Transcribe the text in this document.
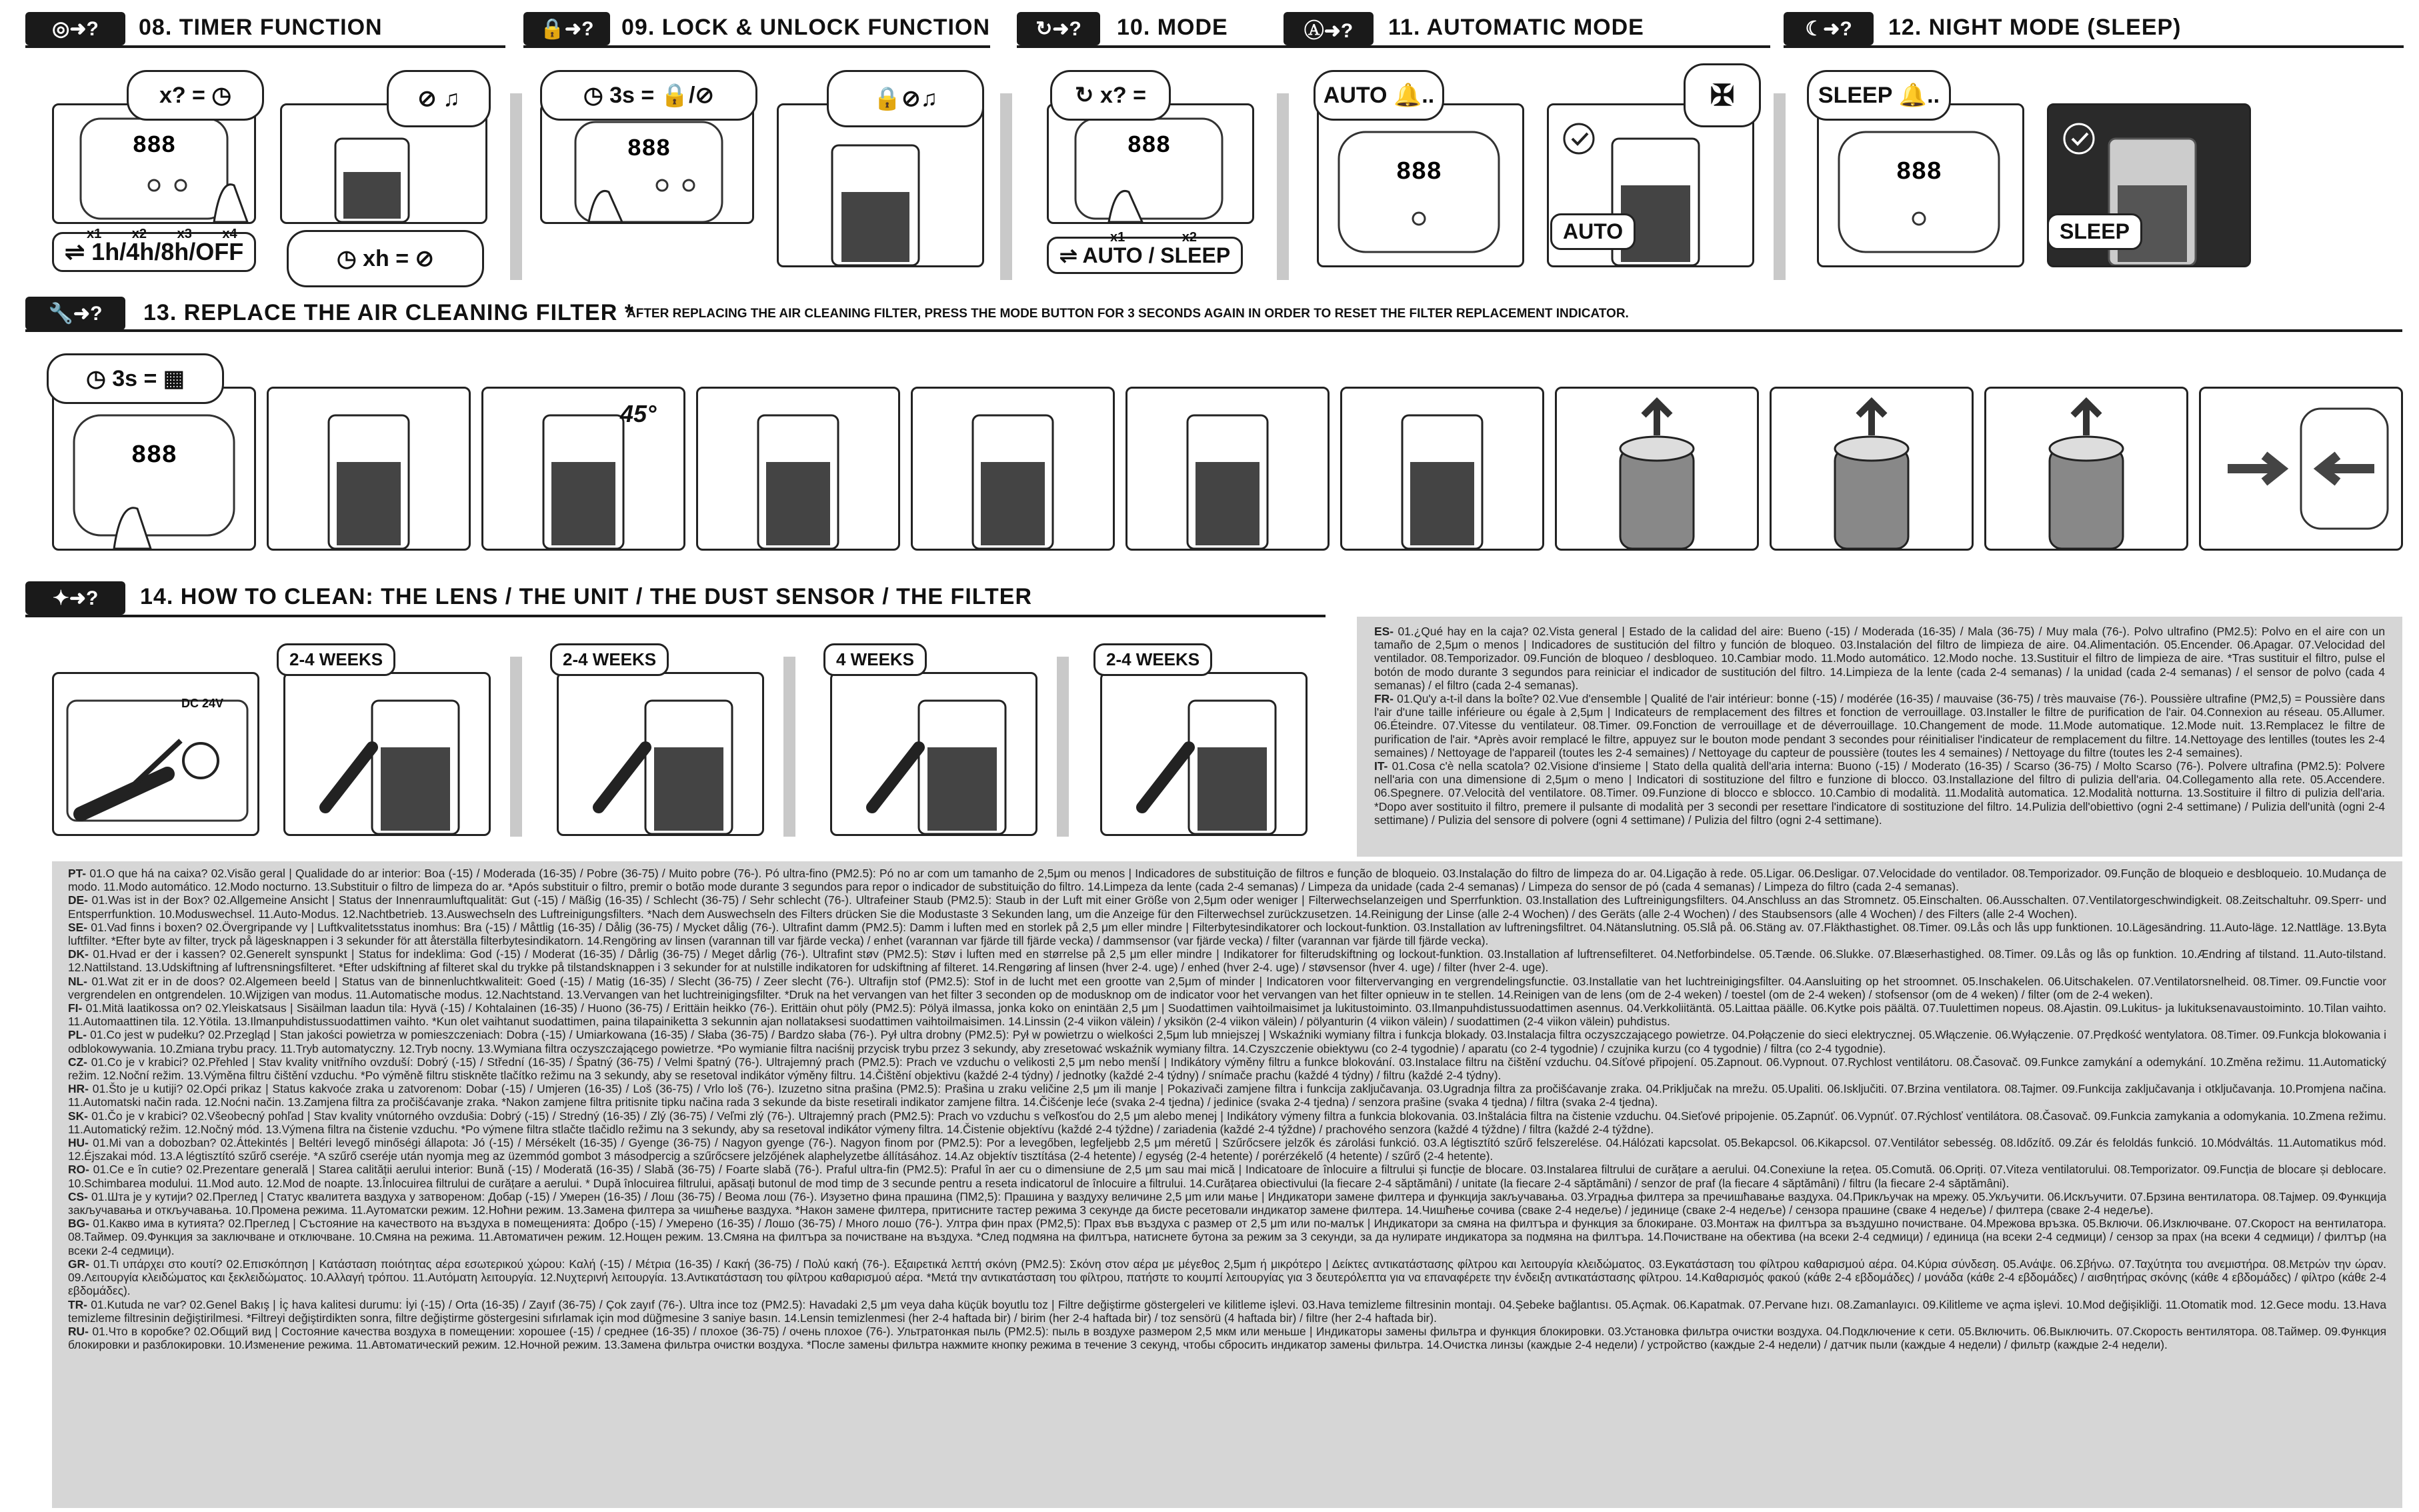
◎➜?	08. TIMER FUNCTION	🔒➜?	09. LOCK & UNLOCK FUNCTION	↻➜?	10. MODE	Ⓐ➜?	11. AUTOMATIC MODE	☾➜?	12. NIGHT MODE (SLEEP)
888
x? =
◷
⇌ 1h/4h/8h/OFF
x1 x2 x3 x4
⊘ ♫
◷ xh = ⊘
888
◷ 3s = 🔒/⊘	🔒⊘♫
888
↻ x? =
⇌ AUTO / SLEEP
x1 x2
888
AUTO 🔔..	✠
AUTO
888
SLEEP 🔔..
SLEEP
🔧➜?	13. REPLACE THE AIR CLEANING FILTER *
AFTER REPLACING THE AIR CLEANING FILTER, PRESS THE MODE BUTTON FOR 3 SECONDS AGAIN IN ORDER TO RESET THE FILTER REPLACEMENT INDICATOR.
888
◷ 3s = ▦
45°
✦➜?	14. HOW TO CLEAN: THE LENS / THE UNIT / THE DUST SENSOR / THE FILTER
DC 24V
2-4 WEEKS	2-4 WEEKS	4 WEEKS	2-4 WEEKS

ES- 01.¿Qué hay en la caja? 02.Vista general | Estado de la calidad del aire: Bueno (-15) / Moderada (16-35) / Mala (36-75) / Muy mala (76-). Polvo ultrafino (PM2.5): Polvo en el aire con un tamaño de 2,5μm o menos | Indicadores de sustitución del filtro y función de bloqueo. 03.Instalación del filtro de limpieza de aire. 04.Alimentación. 05.Encender. 06.Apagar. 07.Velocidad del ventilador. 08.Temporizador. 09.Función de bloqueo / desbloqueo. 10.Cambiar modo. 11.Modo automático. 12.Modo noche. 13.Sustituir el filtro de limpieza de aire. *Tras sustituir el filtro, pulse el botón de modo durante 3 segundos para reiniciar el indicador de sustitución del filtro. 14.Limpieza de la lente (cada 2-4 semanas) / la unidad (cada 2-4 semanas) / el sensor de polvo (cada 4 semanas) / el filtro (cada 2-4 semanas).

FR- 01.Qu'y a-t-il dans la boîte? 02.Vue d'ensemble | Qualité de l'air intérieur: bonne (-15) / modérée (16-35) / mauvaise (36-75) / très mauvaise (76-). Poussière ultrafine (PM2,5) = Poussière dans l'air d'une taille inférieure ou égale à 2,5μm | Indicateurs de remplacement des filtres et fonction de verrouillage. 03.Installer le filtre de purification de l'air. 04.Connexion au réseau. 05.Allumer. 06.Éteindre. 07.Vitesse du ventilateur. 08.Timer. 09.Fonction de verrouillage et de déverrouillage. 10.Changement de mode. 11.Mode automatique. 12.Mode nuit. 13.Remplacez le filtre de purification de l'air. *Après avoir remplacé le filtre, appuyez sur le bouton mode pendant 3 secondes pour réinitialiser l'indicateur de remplacement du filtre. 14.Nettoyage des lentilles (toutes les 2-4 semaines) / Nettoyage de l'appareil (toutes les 2-4 semaines) / Nettoyage du capteur de poussière (toutes les 4 semaines) / Nettoyage du filtre (toutes les 2-4 semaines).

IT- 01.Cosa c'è nella scatola? 02.Visione d'insieme | Stato della qualità dell'aria interna: Buono (-15) / Moderato (16-35) / Scarso (36-75) / Molto Scarso (76-). Polvere ultrafina (PM2.5): Polvere nell'aria con una dimensione di 2,5μm o meno | Indicatori di sostituzione del filtro e funzione di blocco. 03.Installazione del filtro di pulizia dell'aria. 04.Collegamento alla rete. 05.Accendere. 06.Spegnere. 07.Velocità del ventilatore. 08.Timer. 09.Funzione di blocco e sblocco. 10.Cambio di modalità. 11.Modalità automatica. 12.Modalità notturna. 13.Sostituire il filtro di pulizia dell'aria. *Dopo aver sostituito il filtro, premere il pulsante di modalità per 3 secondi per resettare l'indicatore di sostituzione del filtro. 14.Pulizia dell'obiettivo (ogni 2-4 settimane) / Pulizia dell'unità (ogni 2-4 settimane) / Pulizia del sensore di polvere (ogni 4 settimane) / Pulizia del filtro (ogni 2-4 settimane).

PT- 01.O que há na caixa? 02.Visão geral | Qualidade do ar interior: Boa (-15) / Moderada (16-35) / Pobre (36-75) / Muito pobre (76-). Pó ultra-fino (PM2.5): Pó no ar com um tamanho de 2,5μm ou menos | Indicadores de substituição de filtros e função de bloqueio. 03.Instalação do filtro de limpeza do ar. 04.Ligação à rede. 05.Ligar. 06.Desligar. 07.Velocidade do ventilador. 08.Temporizador. 09.Função de bloqueio e desbloqueio. 10.Mudança de modo. 11.Modo automático. 12.Modo nocturno. 13.Substituir o filtro de limpeza do ar. *Após substituir o filtro, premir o botão mode durante 3 segundos para repor o indicador de substituição do filtro. 14.Limpeza da lente (cada 2-4 semanas) / Limpeza da unidade (cada 2-4 semanas) / Limpeza do sensor de pó (cada 4 semanas) / Limpeza do filtro (cada 2-4 semanas).

DE- 01.Was ist in der Box? 02.Allgemeine Ansicht | Status der Innenraumluftqualität: Gut (-15) / Mäßig (16-35) / Schlecht (36-75) / Sehr schlecht (76-). Ultrafeiner Staub (PM2.5): Staub in der Luft mit einer Größe von 2,5μm oder weniger | Filterwechselanzeigen und Sperrfunktion. 03.Installation des Luftreinigungsfilters. 04.Anschluss an das Stromnetz. 05.Einschalten. 06.Ausschalten. 07.Ventilatorgeschwindigkeit. 08.Zeitschaltuhr. 09.Sperr- und Entsperrfunktion. 10.Moduswechsel. 11.Auto-Modus. 12.Nachtbetrieb. 13.Auswechseln des Luftreinigungsfilters. *Nach dem Auswechseln des Filters drücken Sie die Modustaste 3 Sekunden lang, um die Anzeige für den Filterwechsel zurückzusetzen. 14.Reinigung der Linse (alle 2-4 Wochen) / des Geräts (alle 2-4 Wochen) / des Staubsensors (alle 4 Wochen) / des Filters (alle 2-4 Wochen).

SE- 01.Vad finns i boxen? 02.Övergripande vy | Luftkvalitetsstatus inomhus: Bra (-15) / Måttlig (16-35) / Dålig (36-75) / Mycket dålig (76-). Ultrafint damm (PM2.5): Damm i luften med en storlek på 2,5 μm eller mindre | Filterbytesindikatorer och lockout-funktion. 03.Installation av luftreningsfiltret. 04.Nätanslutning. 05.Slå på. 06.Stäng av. 07.Fläkthastighet. 08.Timer. 09.Lås och lås upp funktionen. 10.Lägesändring. 11.Auto-läge. 12.Nattläge. 13.Byta luftfilter. *Efter byte av filter, tryck på lägesknappen i 3 sekunder för att återställa filterbytesindikatorn. 14.Rengöring av linsen (varannan till var fjärde vecka) / enhet (varannan var fjärde till fjärde vecka) / dammsensor (var fjärde vecka) / filter (varannan var fjärde till fjärde vecka).

DK- 01.Hvad er der i kassen? 02.Generelt synspunkt | Status for indeklima: God (-15) / Moderat (16-35) / Dårlig (36-75) / Meget dårlig (76-). Ultrafint støv (PM2.5): Støv i luften med en størrelse på 2,5 μm eller mindre | Indikatorer for filterudskiftning og lockout-funktion. 03.Installation af luftrensefilteret. 04.Netforbindelse. 05.Tænde. 06.Slukke. 07.Blæserhastighed. 08.Timer. 09.Lås og lås op funktion. 10.Ændring af tilstand. 11.Auto-tilstand. 12.Nattilstand. 13.Udskiftning af luftrensningsfilteret. *Efter udskiftning af filteret skal du trykke på tilstandsknappen i 3 sekunder for at nulstille indikatoren for udskiftning af filteret. 14.Rengøring af linsen (hver 2-4. uge) / enhed (hver 2-4. uge) / støvsensor (hver 4. uge) / filter (hver 2-4. uge).

NL- 01.Wat zit er in de doos? 02.Algemeen beeld | Status van de binnenluchtkwaliteit: Goed (-15) / Matig (16-35) / Slecht (36-75) / Zeer slecht (76-). Ultrafijn stof (PM2.5): Stof in de lucht met een grootte van 2,5μm of minder | Indicatoren voor filtervervanging en vergrendelingsfunctie. 03.Installatie van het luchtreinigingsfilter. 04.Aansluiting op het stroomnet. 05.Inschakelen. 06.Uitschakelen. 07.Ventilatorsnelheid. 08.Timer. 09.Functie voor vergrendelen en ontgrendelen. 10.Wijzigen van modus. 11.Automatische modus. 12.Nachtstand. 13.Vervangen van het luchtreinigingsfilter. *Druk na het vervangen van het filter 3 seconden op de modusknop om de indicator voor het vervangen van het filter opnieuw in te stellen. 14.Reinigen van de lens (om de 2-4 weken) / toestel (om de 2-4 weken) / stofsensor (om de 4 weken) / filter (om de 2-4 weken).

FI- 01.Mitä laatikossa on? 02.Yleiskatsaus | Sisäilman laadun tila: Hyvä (-15) / Kohtalainen (16-35) / Huono (36-75) / Erittäin heikko (76-). Erittäin ohut pöly (PM2.5): Pölyä ilmassa, jonka koko on enintään 2,5 μm | Suodattimen vaihtoilmaisimet ja lukitustoiminto. 03.Ilmanpuhdistussuodattimen asennus. 04.Verkkoliitäntä. 05.Laittaa päälle. 06.Kytke pois päältä. 07.Tuulettimen nopeus. 08.Ajastin. 09.Lukitus- ja lukituksenavaustoiminto. 10.Tilan vaihto. 11.Automaattinen tila. 12.Yötila. 13.Ilmanpuhdistussuodattimen vaihto. *Kun olet vaihtanut suodattimen, paina tilapainiketta 3 sekunnin ajan nollataksesi suodattimen vaihtoilmaisimen. 14.Linssin (2-4 viikon välein) / yksikön (2-4 viikon välein) / pölyanturin (4 viikon välein) / suodattimen (2-4 viikon välein) puhdistus.

PL- 01.Co jest w pudełku? 02.Przegląd | Stan jakości powietrza w pomieszczeniach: Dobra (-15) / Umiarkowana (16-35) / Słaba (36-75) / Bardzo słaba (76-). Pył ultra drobny (PM2.5): Pył w powietrzu o wielkości 2,5μm lub mniejszej | Wskaźniki wymiany filtra i funkcja blokady. 03.Instalacja filtra oczyszczającego powietrze. 04.Połączenie do sieci elektrycznej. 05.Włączenie. 06.Wyłączenie. 07.Prędkość wentylatora. 08.Timer. 09.Funkcja blokowania i odblokowywania. 10.Zmiana trybu pracy. 11.Tryb automatyczny. 12.Tryb nocny. 13.Wymiana filtra oczyszczającego powietrze. *Po wymianie filtra naciśnij przycisk trybu przez 3 sekundy, aby zresetować wskaźnik wymiany filtra. 14.Czyszczenie obiektywu (co 2-4 tygodnie) / aparatu (co 2-4 tygodnie) / czujnika kurzu (co 4 tygodnie) / filtra (co 2-4 tygodnie).

CZ- 01.Co je v krabici? 02.Přehled | Stav kvality vnitřního ovzduší: Dobrý (-15) / Střední (16-35) / Špatný (36-75) / Velmi špatný (76-). Ultrajemný prach (PM2.5): Prach ve vzduchu o velikosti 2,5 μm nebo menší | Indikátory výměny filtru a funkce blokování. 03.Instalace filtru na čištění vzduchu. 04.Síťové připojení. 05.Zapnout. 06.Vypnout. 07.Rychlost ventilátoru. 08.Časovač. 09.Funkce zamykání a odemykání. 10.Změna režimu. 11.Automatický režim. 12.Noční režim. 13.Výměna filtru čištění vzduchu. *Po výměně filtru stiskněte tlačítko režimu na 3 sekundy, aby se resetoval indikátor výměny filtru. 14.Čištění objektivu (každé 2-4 týdny) / jednotky (každé 2-4 týdny) / snímače prachu (každé 4 týdny) / filtru (každé 2-4 týdny).

HR- 01.Što je u kutiji? 02.Opći prikaz | Status kakvoće zraka u zatvorenom: Dobar (-15) / Umjeren (16-35) / Loš (36-75) / Vrlo loš (76-). Izuzetno sitna prašina (PM2.5): Prašina u zraku veličine 2,5 μm ili manje | Pokazivači zamjene filtra i funkcija zaključavanja. 03.Ugradnja filtra za pročišćavanje zraka. 04.Priključak na mrežu. 05.Upaliti. 06.Isključiti. 07.Brzina ventilatora. 08.Tajmer. 09.Funkcija zaključavanja i otključavanja. 10.Promjena načina. 11.Automatski način rada. 12.Noćni način. 13.Zamjena filtra za pročišćavanje zraka. *Nakon zamjene filtra pritisnite tipku načina rada 3 sekunde da biste resetirali indikator zamjene filtra. 14.Čišćenje leće (svaka 2-4 tjedna) / jedinice (svaka 2-4 tjedna) / senzora prašine (svaka 4 tjedna) / filtra (svaka 2-4 tjedna).

SK- 01.Čo je v krabici? 02.Všeobecný pohľad | Stav kvality vnútorného ovzdušia: Dobrý (-15) / Stredný (16-35) / Zlý (36-75) / Veľmi zlý (76-). Ultrajemný prach (PM2.5): Prach vo vzduchu s veľkosťou do 2,5 μm alebo menej | Indikátory výmeny filtra a funkcia blokovania. 03.Inštalácia filtra na čistenie vzduchu. 04.Sieťové pripojenie. 05.Zapnúť. 06.Vypnúť. 07.Rýchlosť ventilátora. 08.Časovač. 09.Funkcia zamykania a odomykania. 10.Zmena režimu. 11.Automatický režim. 12.Nočný mód. 13.Výmena filtra na čistenie vzduchu. *Po výmene filtra stlačte tlačidlo režimu na 3 sekundy, aby sa resetoval indikátor výmeny filtra. 14.Čistenie objektívu (každé 2-4 týždne) / zariadenia (každé 2-4 týždne) / prachového senzora (každé 4 týždne) / filtra (každé 2-4 týždne).

HU- 01.Mi van a dobozban? 02.Áttekintés | Beltéri levegő minőségi állapota: Jó (-15) / Mérsékelt (16-35) / Gyenge (36-75) / Nagyon gyenge (76-). Nagyon finom por (PM2.5): Por a levegőben, legfeljebb 2,5 μm méretű | Szűrőcsere jelzők és zárolási funkció. 03.A légtisztító szűrő felszerelése. 04.Hálózati kapcsolat. 05.Bekapcsol. 06.Kikapcsol. 07.Ventilátor sebesség. 08.Időzítő. 09.Zár és feloldás funkció. 10.Módváltás. 11.Automatikus mód. 12.Éjszakai mód. 13.A légtisztító szűrő cseréje. *A szűrő cseréje után nyomja meg az üzemmód gombot 3 másodpercig a szűrőcsere jelzőjének alaphelyzetbe állításához. 14.Az objektív tisztítása (2-4 hetente) / egység (2-4 hetente) / porérzékelő (4 hetente) / szűrő (2-4 hetente).

RO- 01.Ce e în cutie? 02.Prezentare generală | Starea calității aerului interior: Bună (-15) / Moderată (16-35) / Slabă (36-75) / Foarte slabă (76-). Praful ultra-fin (PM2.5): Praful în aer cu o dimensiune de 2,5 μm sau mai mică | Indicatoare de înlocuire a filtrului și funcție de blocare. 03.Instalarea filtrului de curățare a aerului. 04.Conexiune la rețea. 05.Comută. 06.Opriți. 07.Viteza ventilatorului. 08.Temporizator. 09.Funcția de blocare și deblocare. 10.Schimbarea modului. 11.Mod auto. 12.Mod de noapte. 13.Înlocuirea filtrului de curățare a aerului. * După înlocuirea filtrului, apăsați butonul de mod timp de 3 secunde pentru a reseta indicatorul de înlocuire a filtrului. 14.Curățarea obiectivului (la fiecare 2-4 săptămâni) / unitate (la fiecare 2-4 săptămâni) / senzor de praf (la fiecare 4 săptămâni) / filtru (la fiecare 2-4 săptămâni).

CS- 01.Шта је у кутији? 02.Преглед | Статус квалитета ваздуха у затвореном: Добар (-15) / Умерен (16-35) / Лош (36-75) / Веома лош (76-). Изузетно фина прашина (ПМ2,5): Прашина у ваздуху величине 2,5 μm или мање | Индикатори замене филтера и функција закључавања. 03.Уградња филтера за пречишћавање ваздуха. 04.Прикључак на мрежу. 05.Укључити. 06.Искључити. 07.Брзина вентилатора. 08.Тајмер. 09.Функција закључавања и откључавања. 10.Промена режима. 11.Аутоматски режим. 12.Ноћни режим. 13.Замена филтера за чишћење ваздуха. *Након замене филтера, притисните тастер режима 3 секунде да бисте ресетовали индикатор замене филтера. 14.Чишћење сочива (сваке 2-4 недеље) / јединице (сваке 2-4 недеље) / сензора прашине (сваке 4 недеље) / филтера (сваке 2-4 недеље).

BG- 01.Какво има в кутията? 02.Преглед | Състояние на качеството на въздуха в помещенията: Добро (-15) / Умерено (16-35) / Лошо (36-75) / Много лошо (76-). Ултра фин прах (PM2,5): Прах във въздуха с размер от 2,5 μm или по-малък | Индикатори за смяна на филтъра и функция за блокиране. 03.Монтаж на филтъра за въздушно почистване. 04.Мрежова връзка. 05.Включи. 06.Изключване. 07.Скорост на вентилатора. 08.Таймер. 09.Функция за заключване и отключване. 10.Смяна на режима. 11.Автоматичен режим. 12.Нощен режим. 13.Смяна на филтъра за почистване на въздуха. *След подмяна на филтъра, натиснете бутона за режим за 3 секунди, за да нулирате индикатора за подмяна на филтъра. 14.Почистване на обектива (на всеки 2-4 седмици) / единица (на всеки 2-4 седмици) / сензор за прах (на всеки 4 седмици) / филтър (на всеки 2-4 седмици).

GR- 01.Τι υπάρχει στο κουτί? 02.Επισκόπηση | Κατάσταση ποιότητας αέρα εσωτερικού χώρου: Καλή (-15) / Μέτρια (16-35) / Κακή (36-75) / Πολύ κακή (76-). Εξαιρετικά λεπτή σκόνη (PM2.5): Σκόνη στον αέρα με μέγεθος 2,5μm ή μικρότερο | Δείκτες αντικατάστασης φίλτρου και λειτουργία κλειδώματος. 03.Εγκατάσταση του φίλτρου καθαρισμού αέρα. 04.Κύρια σύνδεση. 05.Ανάψε. 06.Σβήνω. 07.Ταχύτητα του ανεμιστήρα. 08.Μετρών την ώραν. 09.Λειτουργία κλειδώματος και ξεκλειδώματος. 10.Αλλαγή τρόπου. 11.Αυτόματη λειτουργία. 12.Νυχτερινή λειτουργία. 13.Αντικατάσταση του φίλτρου καθαρισμού αέρα. *Μετά την αντικατάσταση του φίλτρου, πατήστε το κουμπί λειτουργίας για 3 δευτερόλεπτα για να επαναφέρετε την ένδειξη αντικατάστασης φίλτρου. 14.Καθαρισμός φακού (κάθε 2-4 εβδομάδες) / μονάδα (κάθε 2-4 εβδομάδες) / αισθητήρας σκόνης (κάθε 4 εβδομάδες) / φίλτρο (κάθε 2-4 εβδομάδες).

TR- 01.Kutuda ne var? 02.Genel Bakış | İç hava kalitesi durumu: İyi (-15) / Orta (16-35) / Zayıf (36-75) / Çok zayıf (76-). Ultra ince toz (PM2.5): Havadaki 2,5 μm veya daha küçük boyutlu toz | Filtre değiştirme göstergeleri ve kilitleme işlevi. 03.Hava temizleme filtresinin montajı. 04.Şebeke bağlantısı. 05.Açmak. 06.Kapatmak. 07.Pervane hızı. 08.Zamanlayıcı. 09.Kilitleme ve açma işlevi. 10.Mod değişikliği. 11.Otomatik mod. 12.Gece modu. 13.Hava temizleme filtresinin değiştirilmesi. *Filtreyi değiştirdikten sonra, filtre değiştirme göstergesini sıfırlamak için mod düğmesine 3 saniye basın. 14.Lensin temizlenmesi (her 2-4 haftada bir) / birim (her 2-4 haftada bir) / toz sensörü (4 haftada bir) / filtre (her 2-4 haftada bir).

RU- 01.Что в коробке? 02.Общий вид | Состояние качества воздуха в помещении: хорошее (-15) / среднее (16-35) / плохое (36-75) / очень плохое (76-). Ультратонкая пыль (PM2.5): пыль в воздухе размером 2,5 мкм или меньше | Индикаторы замены фильтра и функция блокировки. 03.Установка фильтра очистки воздуха. 04.Подключение к сети. 05.Включить. 06.Выключить. 07.Скорость вентилятора. 08.Таймер. 09.Функция блокировки и разблокировки. 10.Изменение режима. 11.Автоматический режим. 12.Ночной режим. 13.Замена фильтра очистки воздуха. *После замены фильтра нажмите кнопку режима в течение 3 секунд, чтобы сбросить индикатор замены фильтра. 14.Очистка линзы (каждые 2-4 недели) / устройство (каждые 2-4 недели) / датчик пыли (каждые 4 недели) / фильтр (каждые 2-4 недели).
